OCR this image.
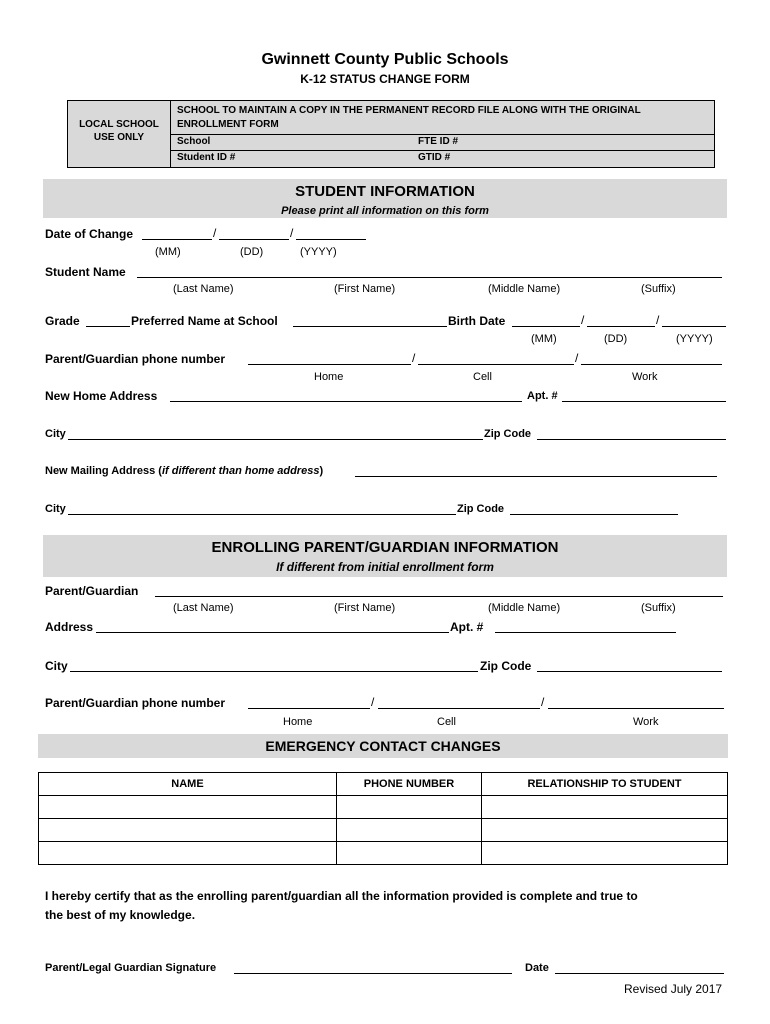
Gwinnett County Public Schools
K-12 STATUS CHANGE FORM
LOCAL SCHOOL USE ONLY
SCHOOL TO MAINTAIN A COPY IN THE PERMANENT RECORD FILE ALONG WITH THE ORIGINAL ENROLLMENT FORM
School	FTE ID #
Student ID #	GTID #
STUDENT INFORMATION
Please print all information on this form
Date of Change	/	/
(MM)	(DD)	(YYYY)
Student Name
(Last Name)	(First Name)	(Middle Name)	(Suffix)
Grade	Preferred Name at School	Birth Date	/	/
(MM)	(DD)	(YYYY)
Parent/Guardian phone number	/	/
Home	Cell	Work
New Home Address	Apt. #
City	Zip Code
New Mailing Address (if different than home address)
City	Zip Code
ENROLLING PARENT/GUARDIAN INFORMATION
If different from initial enrollment form
Parent/Guardian
(Last Name)	(First Name)	(Middle Name)	(Suffix)
Address	Apt. #
City	Zip Code
Parent/Guardian phone number	/	/
Home	Cell	Work
EMERGENCY CONTACT CHANGES
NAME	PHONE NUMBER	RELATIONSHIP TO STUDENT

I hereby certify that as the enrolling parent/guardian all the information provided is complete and true to
the best of my knowledge.
Parent/Legal Guardian Signature	Date
Revised July 2017
